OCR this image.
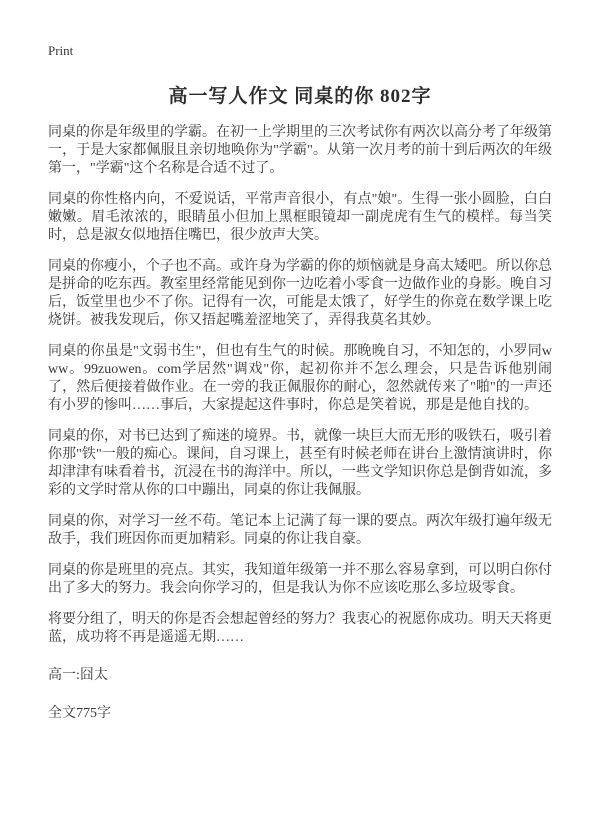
Print
高一写人作文 同桌的你 802字

同桌的你是年级里的学霸。在初一上学期里的三次考试你有两次以高分考了年级第一，于是大家都佩服且亲切地唤你为"学霸"。从第一次月考的前十到后两次的年级第一，"学霸"这个名称是合适不过了。

同桌的你性格内向，不爱说话，平常声音很小，有点"娘"。生得一张小圆脸，白白嫩嫩。眉毛浓浓的，眼睛虽小但加上黑框眼镜却一副虎虎有生气的模样。每当笑时，总是淑女似地捂住嘴巴，很少放声大笑。

同桌的你瘦小，个子也不高。或许身为学霸的你的烦恼就是身高太矮吧。所以你总是拼命的吃东西。教室里经常能见到你一边吃着小零食一边做作业的身影。晚自习后，饭堂里也少不了你。记得有一次，可能是太饿了，好学生的你竟在数学课上吃烧饼。被我发现后，你又捂起嘴羞涩地笑了，弄得我莫名其妙。

同桌的你虽是"文弱书生"，但也有生气的时候。那晚晚自习，不知怎的，小罗同www。99zuowen。com学居然"调戏"你，起初你并不怎么理会，只是告诉他别闹了，然后便接着做作业。在一旁的我正佩服你的耐心，忽然就传来了"啪"的一声还有小罗的惨叫……事后，大家提起这件事时，你总是笑着说，那是是他自找的。

同桌的你，对书已达到了痴迷的境界。书，就像一块巨大而无形的吸铁石，吸引着你那"铁"一般的痴心。课间，自习课上，甚至有时候老师在讲台上激情演讲时，你却津津有味看着书，沉浸在书的海洋中。所以，一些文学知识你总是倒背如流，多彩的文学时常从你的口中蹦出，同桌的你让我佩服。

同桌的你，对学习一丝不苟。笔记本上记满了每一课的要点。两次年级打遍年级无敌手，我们班因你而更加精彩。同桌的你让我自豪。

同桌的你是班里的亮点。其实，我知道年级第一并不那么容易拿到，可以明白你付出了多大的努力。我会向你学习的，但是我认为你不应该吃那么多垃圾零食。

将要分组了，明天的你是否会想起曾经的努力？我衷心的祝愿你成功。明天天将更蓝，成功将不再是遥遥无期……

高一:囧太

全文775字
